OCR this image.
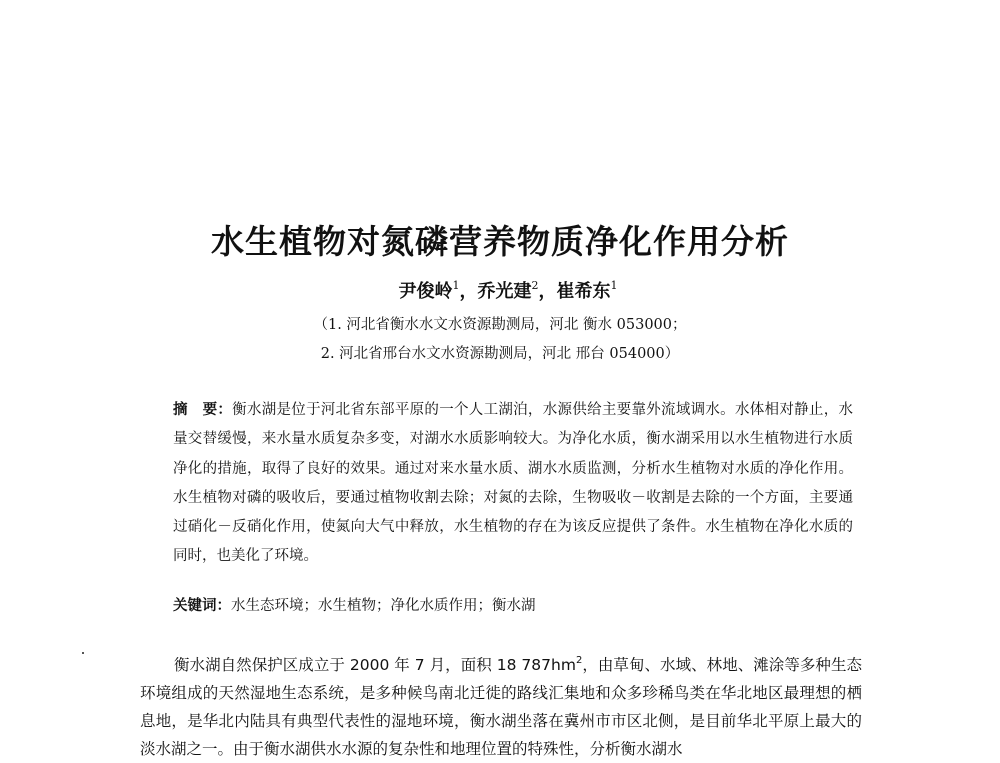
水生植物对氮磷营养物质净化作用分析
尹俊岭$^1$，乔光建$^2$，崔希东$^1$
（1. 河北省衡水水文水资源勘测局，河北 衡水 053000；
2. 河北省邢台水文水资源勘测局，河北 邢台 054000）
摘　要：衡水湖是位于河北省东部平原的一个人工湖泊，水源供给主要靠外流域调水。水体相对静止，水量交替缓慢，来水量水质复杂多变，对湖水水质影响较大。为净化水质，衡水湖采用以水生植物进行水质净化的措施，取得了良好的效果。通过对来水量水质、湖水水质监测，分析水生植物对水质的净化作用。水生植物对磷的吸收后，要通过植物收割去除；对氮的去除，生物吸收－收割是去除的一个方面，主要通过硝化－反硝化作用，使氮向大气中释放，水生植物的存在为该反应提供了条件。水生植物在净化水质的同时，也美化了环境。
关键词：水生态环境；水生植物；净化水质作用；衡水湖
衡水湖自然保护区成立于 2000 年 7 月，面积 18 $787hm^2$，由草甸、水域、林地、滩涂等多种生态环境组成的天然湿地生态系统，是多种候鸟南北迁徙的路线汇集地和众多珍稀鸟类在华北地区最理想的栖息地，是华北内陆具有典型代表性的湿地环境，衡水湖坐落在冀州市市区北侧，是目前华北平原上最大的淡水湖之一。由于衡水湖供水水源的复杂性和地理位置的特殊性，分析衡水湖水
